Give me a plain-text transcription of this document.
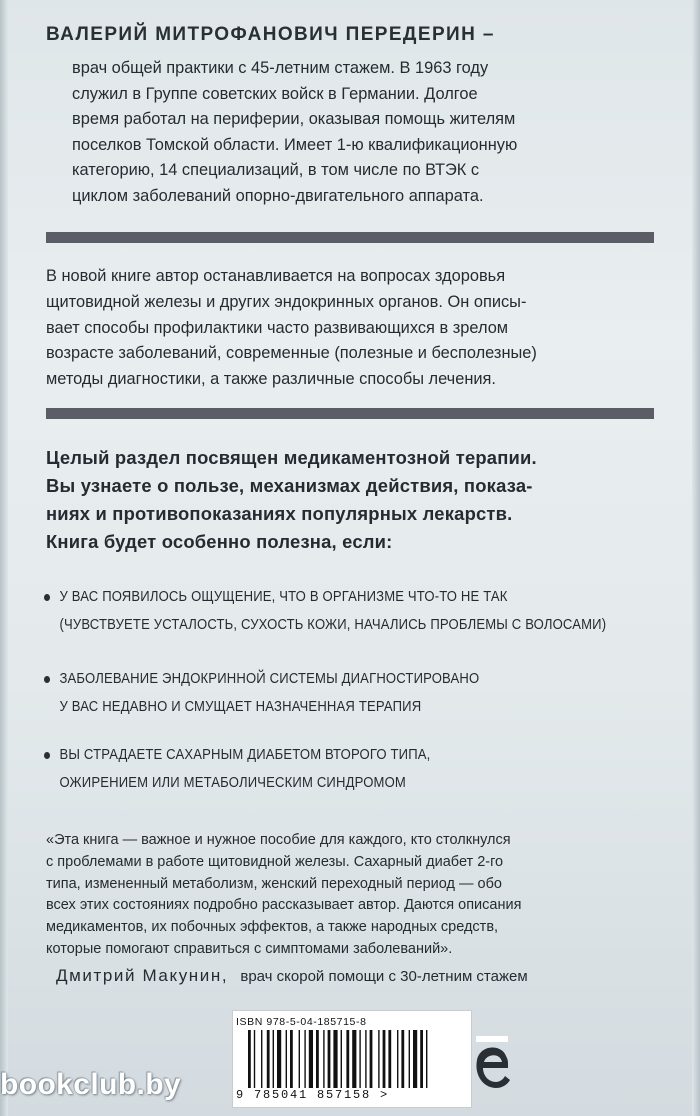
ВАЛЕРИЙ МИТРОФАНОВИЧ ПЕРЕДЕРИН –
врач общей практики с 45-летним стажем. В 1963 году
служил в Группе советских войск в Германии. Долгое
время работал на периферии, оказывая помощь жителям
поселков Томской области. Имеет 1-ю квалификационную
категорию, 14 специализаций, в том числе по ВТЭК с
циклом заболеваний опорно-двигательного аппарата.
В новой книге автор останавливается на вопросах здоровья
щитовидной железы и других эндокринных органов. Он описы-
вает способы профилактики часто развивающихся в зрелом
возрасте заболеваний, современные (полезные и бесполезные)
методы диагностики, а также различные способы лечения.
Целый раздел посвящен медикаментозной терапии.
Вы узнаете о пользе, механизмах действия, показа-
ниях и противопоказаниях популярных лекарств.
Книга будет особенно полезна, если:
У ВАС ПОЯВИЛОСЬ ОЩУЩЕНИЕ, ЧТО В ОРГАНИЗМЕ ЧТО-ТО НЕ ТАК
(ЧУВСТВУЕТЕ УСТАЛОСТЬ, СУХОСТЬ КОЖИ, НАЧАЛИСЬ ПРОБЛЕМЫ С ВОЛОСАМИ)
ЗАБОЛЕВАНИЕ ЭНДОКРИННОЙ СИСТЕМЫ ДИАГНОСТИРОВАНО
У ВАС НЕДАВНО И СМУЩАЕТ НАЗНАЧЕННАЯ ТЕРАПИЯ
ВЫ СТРАДАЕТЕ САХАРНЫМ ДИАБЕТОМ ВТОРОГО ТИПА,
ОЖИРЕНИЕМ ИЛИ МЕТАБОЛИЧЕСКИМ СИНДРОМОМ
«Эта книга — важное и нужное пособие для каждого, кто столкнулся
с проблемами в работе щитовидной железы. Сахарный диабет 2-го
типа, измененный метаболизм, женский переходный период — обо
всех этих состояниях подробно рассказывает автор. Даются описания
медикаментов, их побочных эффектов, а также народных средств,
которые помогают справиться с симптомами заболеваний».
Дмитрий Макунин, врач скорой помощи с 30-летним стажем
ISBN 978-5-04-185715-8
9 785041 857158 >
bookclub.by
